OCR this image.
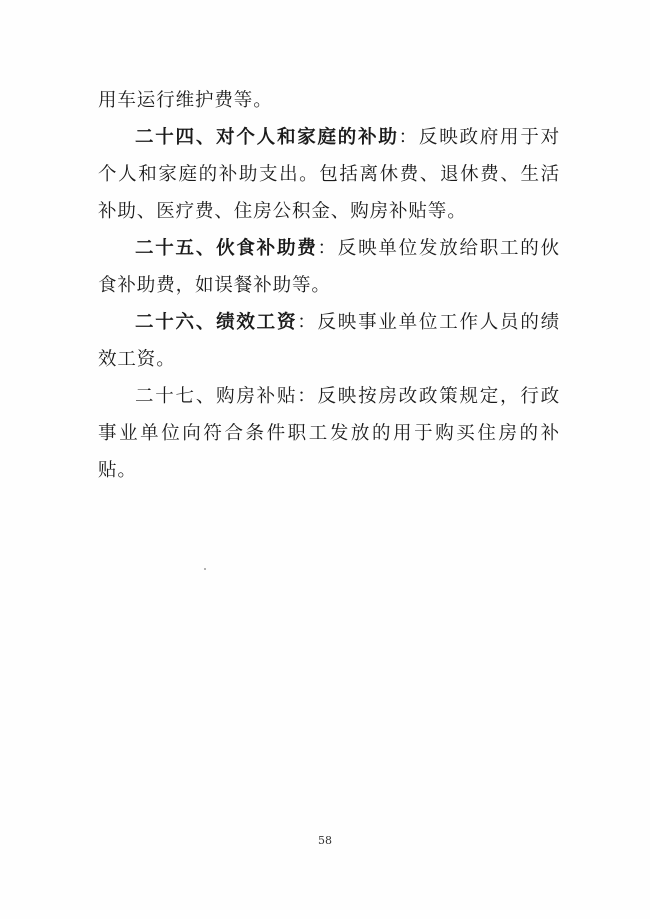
用车运行维护费等。

二十四、对个人和家庭的补助：反映政府用于对个人和家庭的补助支出。包括离休费、退休费、生活补助、医疗费、住房公积金、购房补贴等。

二十五、伙食补助费：反映单位发放给职工的伙食补助费，如误餐补助等。

二十六、绩效工资：反映事业单位工作人员的绩效工资。

二十七、购房补贴：反映按房改政策规定，行政事业单位向符合条件职工发放的用于购买住房的补贴。

58
